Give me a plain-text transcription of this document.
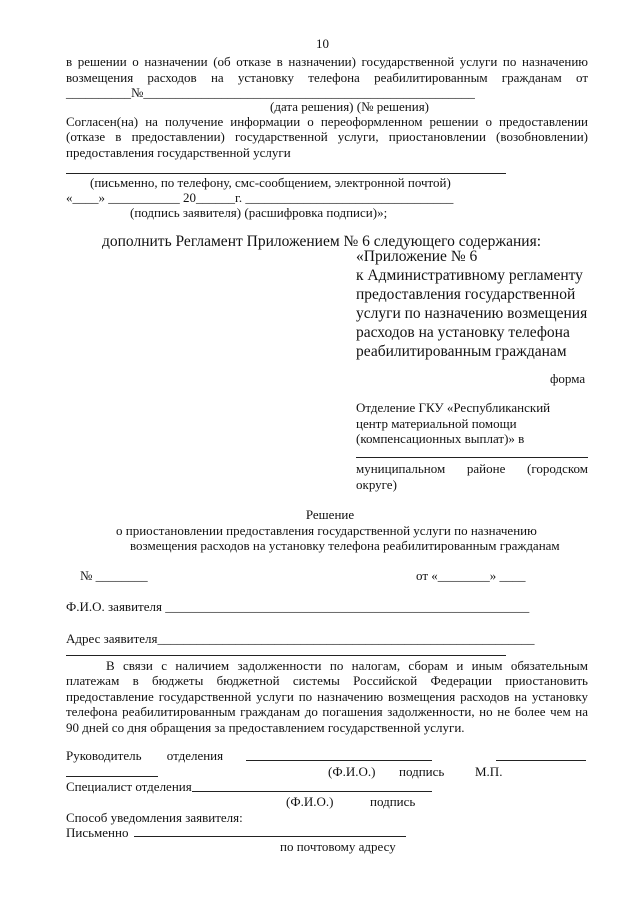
10
в решении о назначении (об отказе в назначении) государственной услуги по назначению
возмещения расходов на установку телефона реабилитированным гражданам от
__________№___________________________________________________
(дата решения) (№ решения)
Согласен(на) на получение информации о переоформленном решении о предоставлении
(отказе в предоставлении) государственной услуги, приостановлении (возобновлении)
предоставления государственной услуги
(письменно, по телефону, смс-сообщением, электронной почтой)
«____» ___________ 20______г. ________________________________
(подпись заявителя) (расшифровка подписи)»;
дополнить Регламент Приложением № 6 следующего содержания:
«Приложение № 6
к Административному регламенту
предоставления государственной
услуги по назначению возмещения
расходов на установку телефона
реабилитированным гражданам
форма
Отделение ГКУ «Республиканский
центр материальной помощи
(компенсационных выплат)» в
муниципальном районе (городском
округе)
Решение
о приостановлении предоставления государственной услуги по назначению
возмещения расходов на установку телефона реабилитированным гражданам
№ ________	от «________» ____
Ф.И.О. заявителя ________________________________________________________
Адрес заявителя__________________________________________________________
В связи с наличием задолженности по налогам, сборам и иным обязательным
платежам в бюджеты бюджетной системы Российской Федерации приостановить
предоставление государственной услуги по назначению возмещения расходов на установку
телефона реабилитированным гражданам до погашения задолженности, но не более чем на
90 дней со дня обращения за предоставлением государственной услуги.
Руководитель отделения
(Ф.И.О.) подпись М.П.
Специалист отделения
(Ф.И.О.)	подпись
Способ уведомления заявителя:
Письменно
по почтовому адресу
